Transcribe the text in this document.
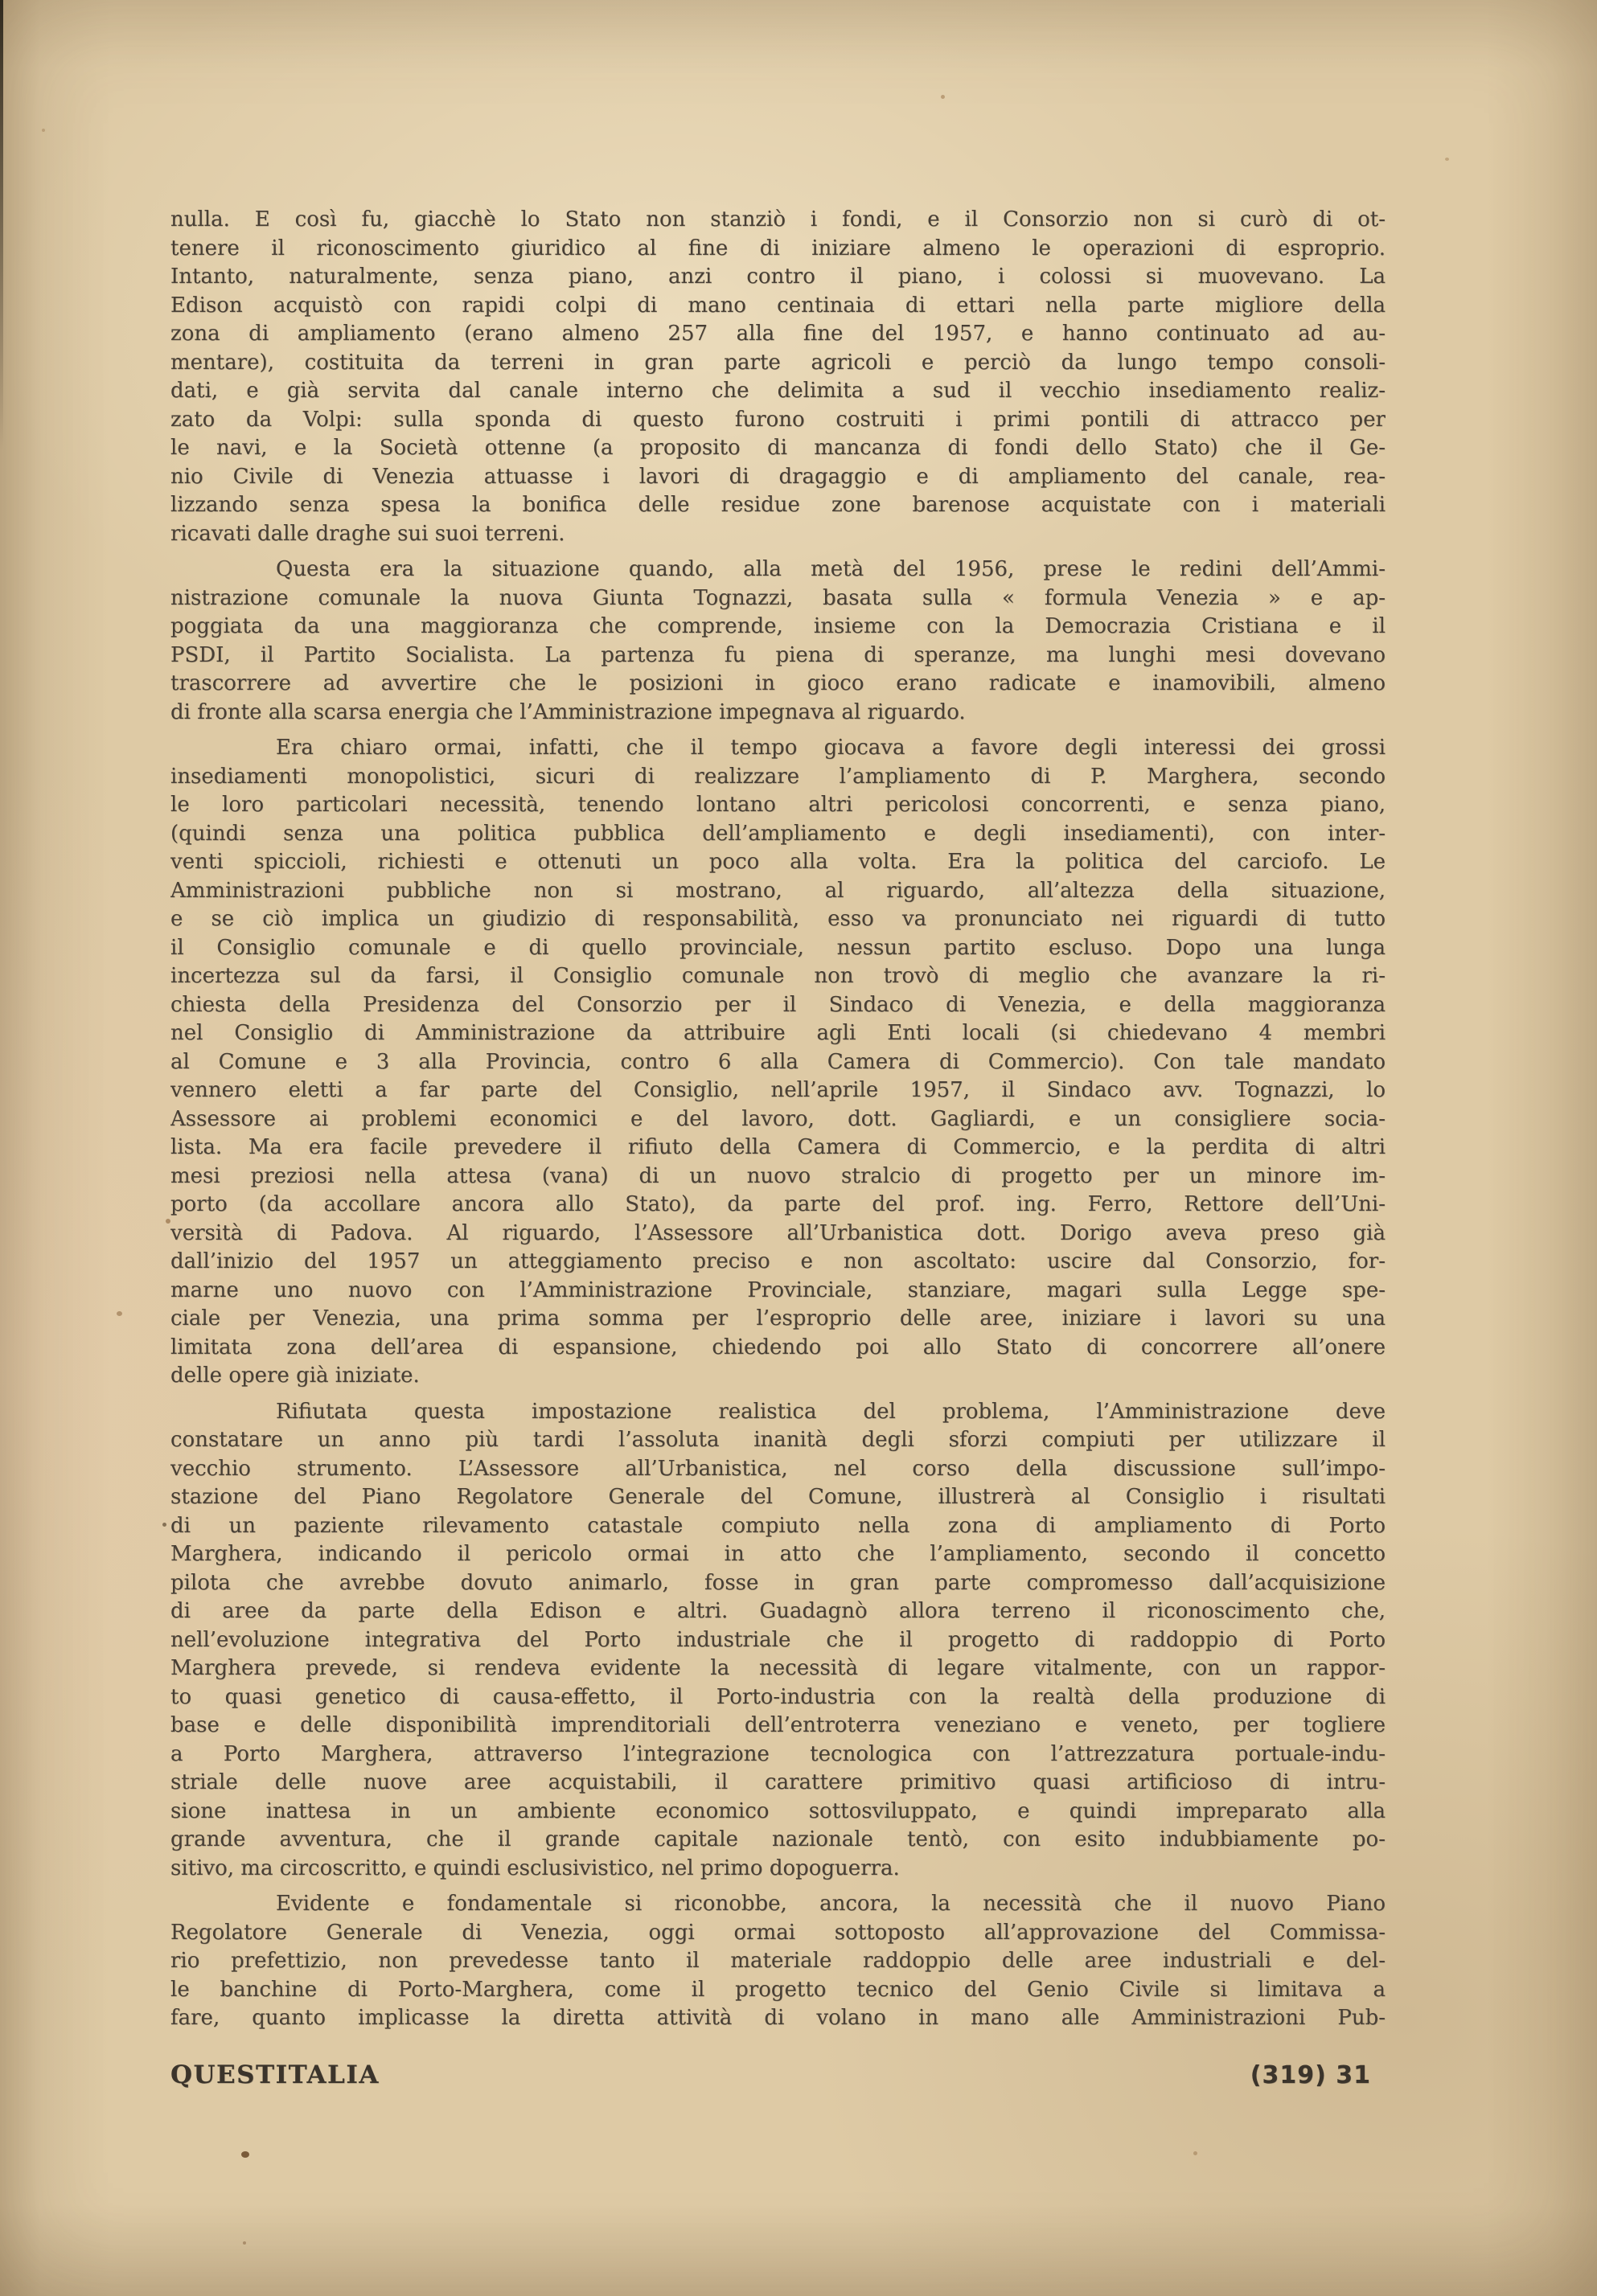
nulla. E così fu, giacchè lo Stato non stanziò i fondi, e il Consorzio non si curò di ot-
tenere il riconoscimento giuridico al fine di iniziare almeno le operazioni di esproprio.
Intanto, naturalmente, senza piano, anzi contro il piano, i colossi si muovevano. La
Edison acquistò con rapidi colpi di mano centinaia di ettari nella parte migliore della
zona di ampliamento (erano almeno 257 alla fine del 1957, e hanno continuato ad au-
mentare), costituita da terreni in gran parte agricoli e perciò da lungo tempo consoli-
dati, e già servita dal canale interno che delimita a sud il vecchio insediamento realiz-
zato da Volpi: sulla sponda di questo furono costruiti i primi pontili di attracco per
le navi, e la Società ottenne (a proposito di mancanza di fondi dello Stato) che il Ge-
nio Civile di Venezia attuasse i lavori di dragaggio e di ampliamento del canale, rea-
lizzando senza spesa la bonifica delle residue zone barenose acquistate con i materiali
ricavati dalle draghe sui suoi terreni.

Questa era la situazione quando, alla metà del 1956, prese le redini dell’Ammi-
nistrazione comunale la nuova Giunta Tognazzi, basata sulla « formula Venezia » e ap-
poggiata da una maggioranza che comprende, insieme con la Democrazia Cristiana e il
PSDI, il Partito Socialista. La partenza fu piena di speranze, ma lunghi mesi dovevano
trascorrere ad avvertire che le posizioni in gioco erano radicate e inamovibili, almeno
di fronte alla scarsa energia che l’Amministrazione impegnava al riguardo.

Era chiaro ormai, infatti, che il tempo giocava a favore degli interessi dei grossi
insediamenti monopolistici, sicuri di realizzare l’ampliamento di P. Marghera, secondo
le loro particolari necessità, tenendo lontano altri pericolosi concorrenti, e senza piano,
(quindi senza una politica pubblica dell’ampliamento e degli insediamenti), con inter-
venti spiccioli, richiesti e ottenuti un poco alla volta. Era la politica del carciofo. Le
Amministrazioni pubbliche non si mostrano, al riguardo, all’altezza della situazione,
e se ciò implica un giudizio di responsabilità, esso va pronunciato nei riguardi di tutto
il Consiglio comunale e di quello provinciale, nessun partito escluso. Dopo una lunga
incertezza sul da farsi, il Consiglio comunale non trovò di meglio che avanzare la ri-
chiesta della Presidenza del Consorzio per il Sindaco di Venezia, e della maggioranza
nel Consiglio di Amministrazione da attribuire agli Enti locali (si chiedevano 4 membri
al Comune e 3 alla Provincia, contro 6 alla Camera di Commercio). Con tale mandato
vennero eletti a far parte del Consiglio, nell’aprile 1957, il Sindaco avv. Tognazzi, lo
Assessore ai problemi economici e del lavoro, dott. Gagliardi, e un consigliere socia-
lista. Ma era facile prevedere il rifiuto della Camera di Commercio, e la perdita di altri
mesi preziosi nella attesa (vana) di un nuovo stralcio di progetto per un minore im-
porto (da accollare ancora allo Stato), da parte del prof. ing. Ferro, Rettore dell’Uni-
versità di Padova. Al riguardo, l’Assessore all’Urbanistica dott. Dorigo aveva preso già
dall’inizio del 1957 un atteggiamento preciso e non ascoltato: uscire dal Consorzio, for-
marne uno nuovo con l’Amministrazione Provinciale, stanziare, magari sulla Legge spe-
ciale per Venezia, una prima somma per l’esproprio delle aree, iniziare i lavori su una
limitata zona dell’area di espansione, chiedendo poi allo Stato di concorrere all’onere
delle opere già iniziate.

Rifiutata questa impostazione realistica del problema, l’Amministrazione deve
constatare un anno più tardi l’assoluta inanità degli sforzi compiuti per utilizzare il
vecchio strumento. L’Assessore all’Urbanistica, nel corso della discussione sull’impo-
stazione del Piano Regolatore Generale del Comune, illustrerà al Consiglio i risultati
di un paziente rilevamento catastale compiuto nella zona di ampliamento di Porto
Marghera, indicando il pericolo ormai in atto che l’ampliamento, secondo il concetto
pilota che avrebbe dovuto animarlo, fosse in gran parte compromesso dall’acquisizione
di aree da parte della Edison e altri. Guadagnò allora terreno il riconoscimento che,
nell’evoluzione integrativa del Porto industriale che il progetto di raddoppio di Porto
Marghera prevede, si rendeva evidente la necessità di legare vitalmente, con un rappor-
to quasi genetico di causa-effetto, il Porto-industria con la realtà della produzione di
base e delle disponibilità imprenditoriali dell’entroterra veneziano e veneto, per togliere
a Porto Marghera, attraverso l’integrazione tecnologica con l’attrezzatura portuale-indu-
striale delle nuove aree acquistabili, il carattere primitivo quasi artificioso di intru-
sione inattesa in un ambiente economico sottosviluppato, e quindi impreparato alla
grande avventura, che il grande capitale nazionale tentò, con esito indubbiamente po-
sitivo, ma circoscritto, e quindi esclusivistico, nel primo dopoguerra.

Evidente e fondamentale si riconobbe, ancora, la necessità che il nuovo Piano
Regolatore Generale di Venezia, oggi ormai sottoposto all’approvazione del Commissa-
rio prefettizio, non prevedesse tanto il materiale raddoppio delle aree industriali e del-
le banchine di Porto-Marghera, come il progetto tecnico del Genio Civile si limitava a
fare, quanto implicasse la diretta attività di volano in mano alle Amministrazioni Pub-

QUESTITALIA	(319) 31
